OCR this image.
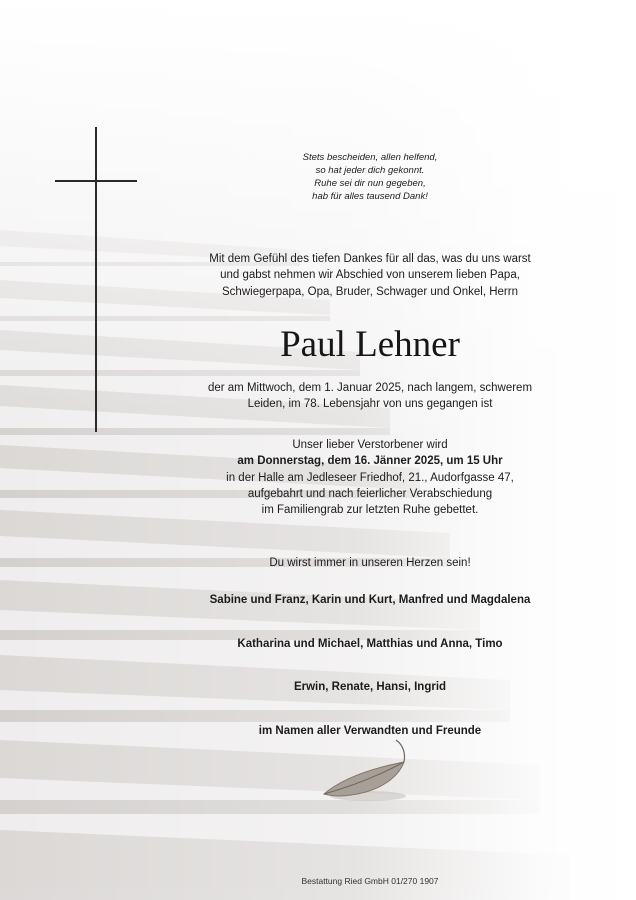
Stets bescheiden, allen helfend,
so hat jeder dich gekonnt.
Ruhe sei dir nun gegeben,
hab für alles tausend Dank!
Mit dem Gefühl des tiefen Dankes für all das, was du uns warst
und gabst nehmen wir Abschied von unserem lieben Papa,
Schwiegerpapa, Opa, Bruder, Schwager und Onkel, Herrn
Paul Lehner
der am Mittwoch, dem 1. Januar 2025, nach langem, schwerem
Leiden, im 78. Lebensjahr von uns gegangen ist
Unser lieber Verstorbener wird
am Donnerstag, dem 16. Jänner 2025, um 15 Uhr
in der Halle am Jedleseer Friedhof, 21., Audorfgasse 47,
aufgebahrt und nach feierlicher Verabschiedung
im Familiengrab zur letzten Ruhe gebettet.
Du wirst immer in unseren Herzen sein!
Sabine und Franz, Karin und Kurt, Manfred und Magdalena
Katharina und Michael, Matthias und Anna, Timo
Erwin, Renate, Hansi, Ingrid
im Namen aller Verwandten und Freunde
Bestattung Ried GmbH 01/270 1907
